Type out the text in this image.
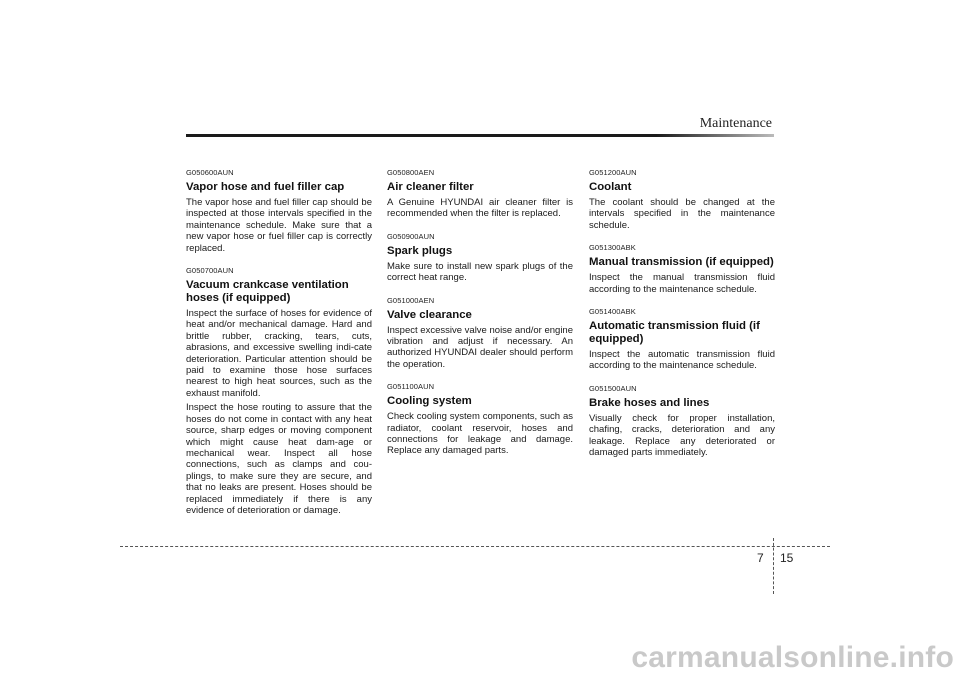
Maintenance
G050600AUN
Vapor hose and fuel filler cap

The vapor hose and fuel filler cap should be inspected at those intervals specified in the maintenance schedule. Make sure that a new vapor hose or fuel filler cap is correctly replaced.

G050700AUN
Vacuum crankcase ventilation hoses (if equipped)

Inspect the surface of hoses for evidence of heat and/or mechanical damage. Hard and brittle rubber, cracking, tears, cuts, abrasions, and excessive swelling indi-cate deterioration. Particular attention should be paid to examine those hose surfaces nearest to high heat sources, such as the exhaust manifold.

Inspect the hose routing to assure that the hoses do not come in contact with any heat source, sharp edges or moving component which might cause heat dam-age or mechanical wear. Inspect all hose connections, such as clamps and cou-plings, to make sure they are secure, and that no leaks are present. Hoses should be replaced immediately if there is any evidence of deterioration or damage.

G050800AEN
Air cleaner filter

A Genuine HYUNDAI air cleaner filter is recommended when the filter is replaced.

G050900AUN
Spark plugs

Make sure to install new spark plugs of the correct heat range.

G051000AEN
Valve clearance

Inspect excessive valve noise and/or engine vibration and adjust if necessary. An authorized HYUNDAI dealer should perform the operation.

G051100AUN
Cooling system

Check cooling system components, such as radiator, coolant reservoir, hoses and connections for leakage and damage. Replace any damaged parts.

G051200AUN
Coolant

The coolant should be changed at the intervals specified in the maintenance schedule.

G051300ABK
Manual transmission (if equipped)

Inspect the manual transmission fluid according to the maintenance schedule.

G051400ABK
Automatic transmission fluid (if equipped)

Inspect the automatic transmission fluid according to the maintenance schedule.

G051500AUN
Brake hoses and lines

Visually check for proper installation, chafing, cracks, deterioration and any leakage. Replace any deteriorated or damaged parts immediately.

7 15
carmanualsonline.info
